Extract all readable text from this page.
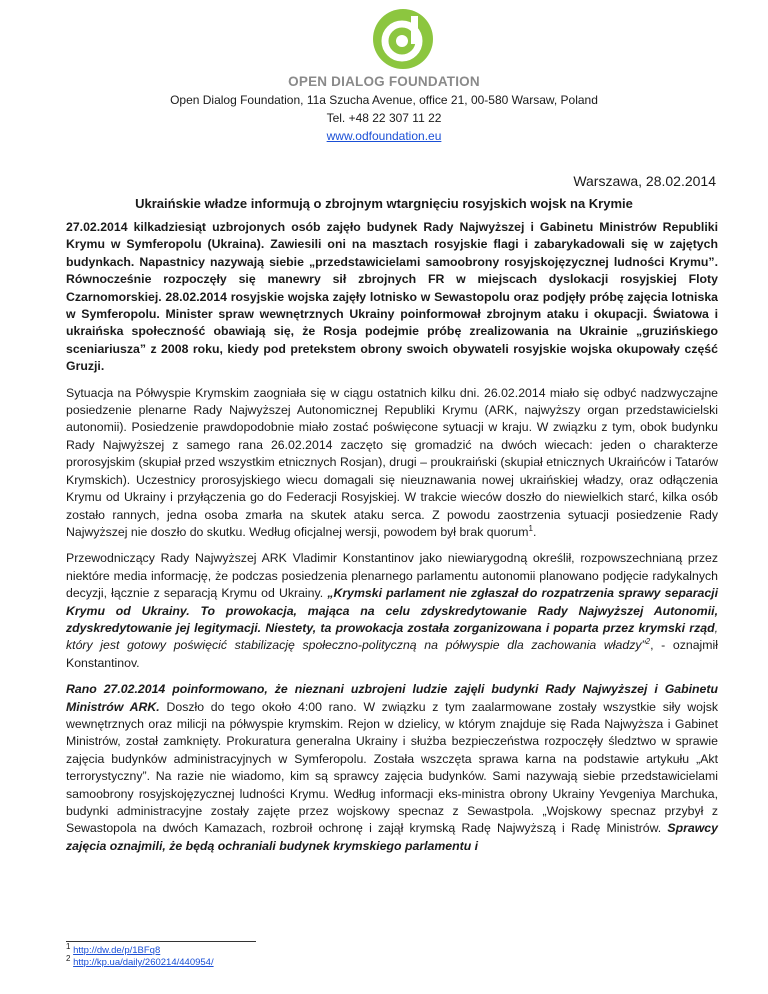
OPEN DIALOG FOUNDATION
Open Dialog Foundation, 11a Szucha Avenue, office 21, 00-580 Warsaw, Poland
Tel. +48 22 307 11 22
www.odfoundation.eu
Warszawa, 28.02.2014
Ukraińskie władze informują o zbrojnym wtargnięciu rosyjskich wojsk na Krymie

27.02.2014 kilkadziesiąt uzbrojonych osób zajęło budynek Rady Najwyższej i Gabinetu Ministrów Republiki Krymu w Symferopolu (Ukraina). Zawiesili oni na masztach rosyjskie flagi i zabarykadowali się w zajętych budynkach. Napastnicy nazywają siebie „przedstawicielami samoobrony rosyjskojęzycznej ludności Krymu”. Równocześnie rozpoczęły się manewry sił zbrojnych FR w miejscach dyslokacji rosyjskiej Floty Czarnomorskiej. 28.02.2014 rosyjskie wojska zajęły lotnisko w Sewastopolu oraz podjęły próbę zajęcia lotniska w Symferopolu. Minister spraw wewnętrznych Ukrainy poinformował zbrojnym ataku i okupacji. Światowa i ukraińska społeczność obawiają się, że Rosja podejmie próbę zrealizowania na Ukrainie „gruzińskiego sceniariusza” z 2008 roku, kiedy pod pretekstem obrony swoich obywateli rosyjskie wojska okupowały część Gruzji.

Sytuacja na Półwyspie Krymskim zaogniała się w ciągu ostatnich kilku dni. 26.02.2014 miało się odbyć nadzwyczajne posiedzenie plenarne Rady Najwyższej Autonomicznej Republiki Krymu (ARK, najwyższy organ przedstawicielski autonomii). Posiedzenie prawdopodobnie miało zostać poświęcone sytuacji w kraju. W związku z tym, obok budynku Rady Najwyższej z samego rana 26.02.2014 zaczęto się gromadzić na dwóch wiecach: jeden o charakterze prorosyjskim (skupiał przed wszystkim etnicznych Rosjan), drugi – proukraiński (skupiał etnicznych Ukraińców i Tatarów Krymskich). Uczestnicy prorosyjskiego wiecu domagali się nieuznawania nowej ukraińskiej władzy, oraz odłączenia Krymu od Ukrainy i przyłączenia go do Federacji Rosyjskiej. W trakcie wieców doszło do niewielkich starć, kilka osób zostało rannych, jedna osoba zmarła na skutek ataku serca. Z powodu zaostrzenia sytuacji posiedzenie Rady Najwyższej nie doszło do skutku. Według oficjalnej wersji, powodem był brak quorum$^1$.

Przewodniczący Rady Najwyższej ARK Vladimir Konstantinov jako niewiarygodną określił, rozpowszechnianą przez niektóre media informację, że podczas posiedzenia plenarnego parlamentu autonomii planowano podjęcie radykalnych decyzji, łącznie z separacją Krymu od Ukrainy. „Krymski parlament nie zgłaszał do rozpatrzenia sprawy separacji Krymu od Ukrainy. To prowokacja, mająca na celu zdyskredytowanie Rady Najwyższej Autonomii, zdyskredytowanie jej legitymacji. Niestety, ta prowokacja została zorganizowana i poparta przez krymski rząd, który jest gotowy poświęcić stabilizację społeczno-polityczną na półwyspie dla zachowania władzy”$^2$, - oznajmił Konstantinov.

Rano 27.02.2014 poinformowano, że nieznani uzbrojeni ludzie zajęli budynki Rady Najwyższej i Gabinetu Ministrów ARK. Doszło do tego około 4:00 rano. W związku z tym zaalarmowane zostały wszystkie siły wojsk wewnętrznych oraz milicji na półwyspie krymskim. Rejon w dzielicy, w którym znajduje się Rada Najwyższa i Gabinet Ministrów, został zamknięty. Prokuratura generalna Ukrainy i służba bezpieczeństwa rozpoczęły śledztwo w sprawie zajęcia budynków administracyjnych w Symferopolu. Została wszczęta sprawa karna na podstawie artykułu „Akt terrorystyczny”. Na razie nie wiadomo, kim są sprawcy zajęcia budynków. Sami nazywają siebie przedstawicielami samoobrony rosyjskojęzycznej ludności Krymu. Według informacji eks-ministra obrony Ukrainy Yevgeniya Marchuka, budynki administracyjne zostały zajęte przez wojskowy specnaz z Sewastpola. „Wojskowy specnaz przybył z Sewastopola na dwóch Kamazach, rozbroił ochronę i zajął krymską Radę Najwyższą i Radę Ministrów. Sprawcy zajęcia oznajmili, że będą ochraniali budynek krymskiego parlamentu i

$^1$ http://dw.de/p/1BFq8
$^2$ http://kp.ua/daily/260214/440954/
